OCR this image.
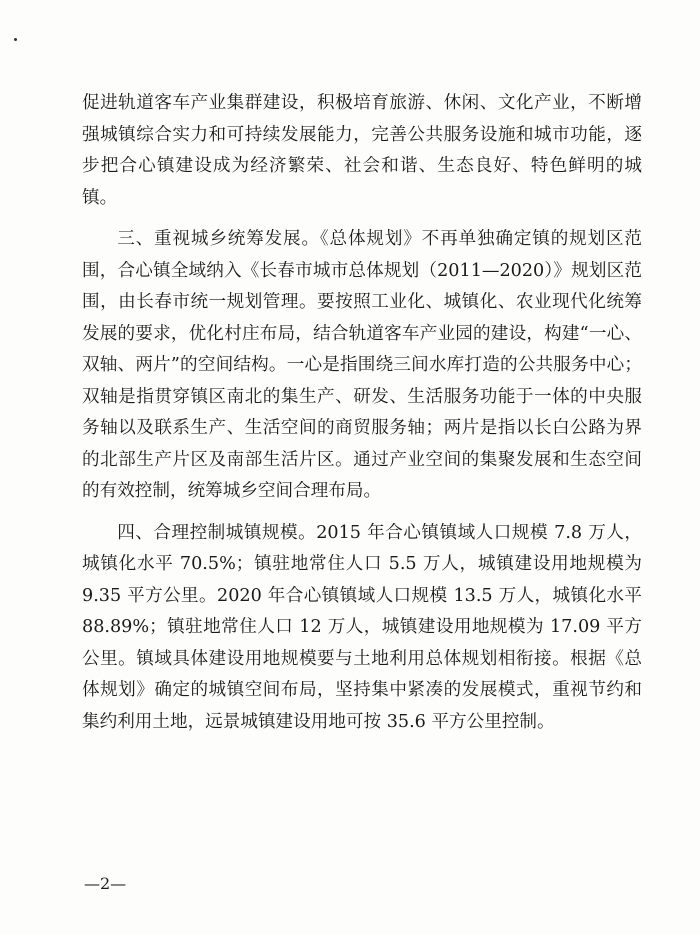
促进轨道客车产业集群建设，积极培育旅游、休闲、文化产业，不断增强城镇综合实力和可持续发展能力，完善公共服务设施和城市功能，逐步把合心镇建设成为经济繁荣、社会和谐、生态良好、特色鲜明的城镇。

三、重视城乡统筹发展。《总体规划》不再单独确定镇的规划区范围，合心镇全域纳入《长春市城市总体规划（2011—2020）》规划区范围，由长春市统一规划管理。要按照工业化、城镇化、农业现代化统筹发展的要求，优化村庄布局，结合轨道客车产业园的建设，构建“一心、双轴、两片”的空间结构。一心是指围绕三间水库打造的公共服务中心；双轴是指贯穿镇区南北的集生产、研发、生活服务功能于一体的中央服务轴以及联系生产、生活空间的商贸服务轴；两片是指以长白公路为界的北部生产片区及南部生活片区。通过产业空间的集聚发展和生态空间的有效控制，统筹城乡空间合理布局。

四、合理控制城镇规模。2015 年合心镇镇域人口规模 7.8 万人，城镇化水平 70.5%；镇驻地常住人口 5.5 万人，城镇建设用地规模为 9.35 平方公里。2020 年合心镇镇域人口规模 13.5 万人，城镇化水平 88.89%；镇驻地常住人口 12 万人，城镇建设用地规模为 17.09 平方公里。镇域具体建设用地规模要与土地利用总体规划相衔接。根据《总体规划》确定的城镇空间布局，坚持集中紧凑的发展模式，重视节约和集约利用土地，远景城镇建设用地可按 35.6 平方公里控制。

—2—
